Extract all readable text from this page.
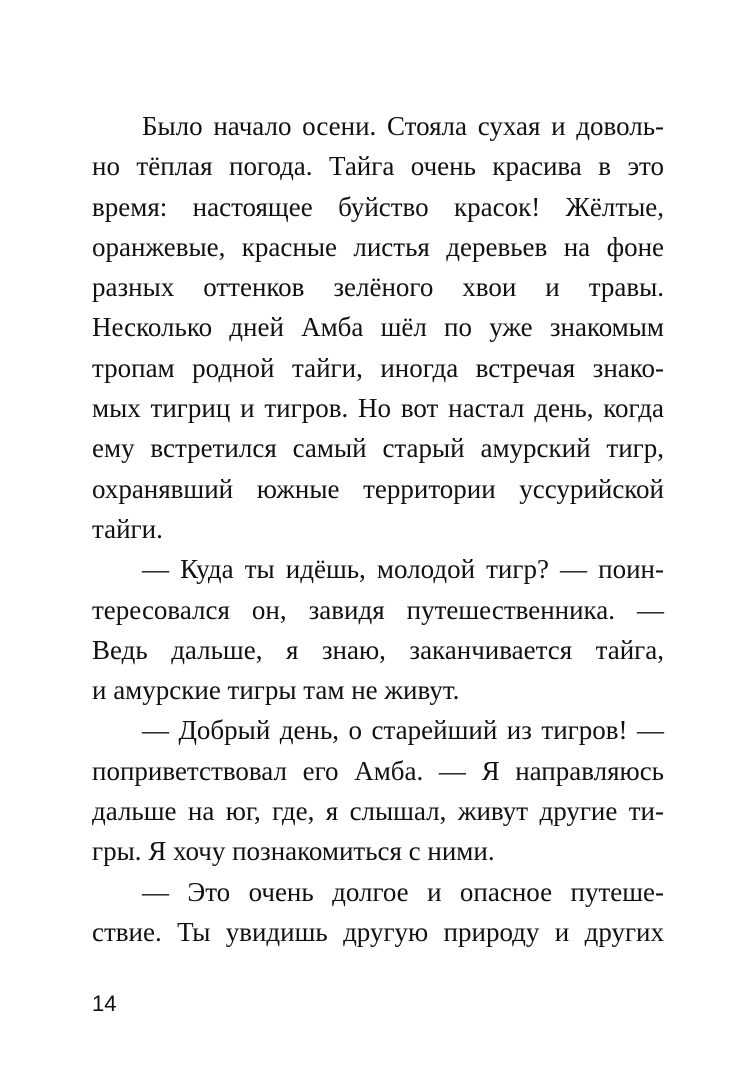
Было начало осени. Стояла сухая и доволь-
но тёплая погода. Тайга очень красива в это
время: настоящее буйство красок! Жёлтые,
оранжевые, красные листья деревьев на фоне
разных оттенков зелёного хвои и травы.
Несколько дней Амба шёл по уже знакомым
тропам родной тайги, иногда встречая знако-
мых тигриц и тигров. Но вот настал день, когда
ему встретился самый старый амурский тигр,
охранявший южные территории уссурийской
тайги.
— Куда ты идёшь, молодой тигр? — поин-
тересовался он, завидя путешественника. —
Ведь дальше, я знаю, заканчивается тайга,
и амурские тигры там не живут.
— Добрый день, о старейший из тигров! —
поприветствовал его Амба. — Я направляюсь
дальше на юг, где, я слышал, живут другие ти-
гры. Я хочу познакомиться с ними.
— Это очень долгое и опасное путеше-
ствие. Ты увидишь другую природу и других
14
